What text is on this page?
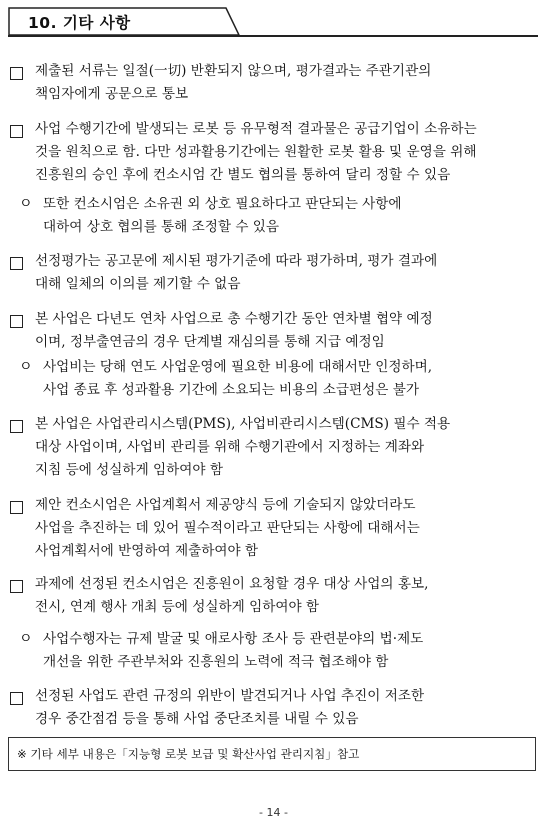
10. 기타 사항
제출된 서류는 일절(一切) 반환되지 않으며, 평가결과는 주관기관의
책임자에게 공문으로 통보
사업 수행기간에 발생되는 로봇 등 유무형적 결과물은 공급기업이 소유하는
것을 원칙으로 함. 다만 성과활용기간에는 원활한 로봇 활용 및 운영을 위해
진흥원의 승인 후에 컨소시엄 간 별도 협의를 통하여 달리 정할 수 있음
ㅇ 또한 컨소시엄은 소유권 외 상호 필요하다고 판단되는 사항에
대하여 상호 협의를 통해 조정할 수 있음
선정평가는 공고문에 제시된 평가기준에 따라 평가하며, 평가 결과에
대해 일체의 이의를 제기할 수 없음
본 사업은 다년도 연차 사업으로 총 수행기간 동안 연차별 협약 예정
이며, 정부출연금의 경우 단계별 재심의를 통해 지급 예정임
ㅇ 사업비는 당해 연도 사업운영에 필요한 비용에 대해서만 인정하며,
사업 종료 후 성과활용 기간에 소요되는 비용의 소급편성은 불가
본 사업은 사업관리시스템(PMS), 사업비관리시스템(CMS) 필수 적용
대상 사업이며, 사업비 관리를 위해 수행기관에서 지정하는 계좌와
지침 등에 성실하게 임하여야 함
제안 컨소시엄은 사업계획서 제공양식 등에 기술되지 않았더라도
사업을 추진하는 데 있어 필수적이라고 판단되는 사항에 대해서는
사업계획서에 반영하여 제출하여야 함
과제에 선정된 컨소시엄은 진흥원이 요청할 경우 대상 사업의 홍보,
전시, 연계 행사 개최 등에 성실하게 임하여야 함
ㅇ 사업수행자는 규제 발굴 및 애로사항 조사 등 관련분야의 법·제도
개선을 위한 주관부처와 진흥원의 노력에 적극 협조해야 함
선정된 사업도 관련 규정의 위반이 발견되거나 사업 추진이 저조한
경우 중간점검 등을 통해 사업 중단조치를 내릴 수 있음
※ 기타 세부 내용은「지능형 로봇 보급 및 확산사업 관리지침」참고
- 14 -
